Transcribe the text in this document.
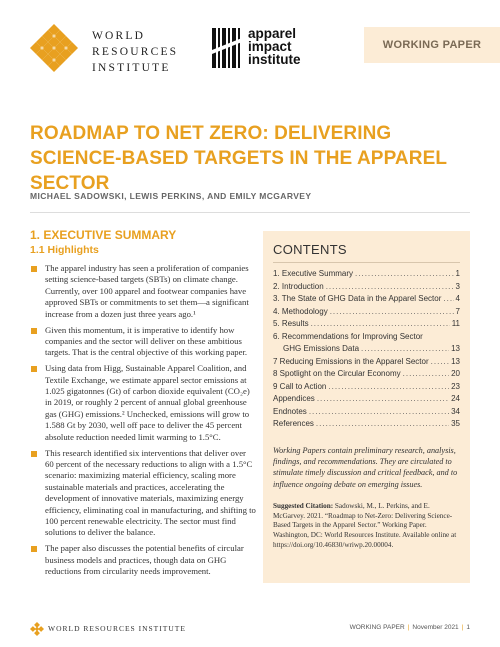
WORLD
RESOURCES
INSTITUTE
apparel
impact
institute
WORKING PAPER
ROADMAP TO NET ZERO: DELIVERING SCIENCE-BASED TARGETS IN THE APPAREL SECTOR
MICHAEL SADOWSKI, LEWIS PERKINS, AND EMILY MCGARVEY
1. EXECUTIVE SUMMARY
1.1 Highlights
The apparel industry has seen a proliferation of companies setting science-based targets (SBTs) on climate change. Currently, over 100 apparel and footwear companies have approved SBTs or commitments to set them—a significant increase from a dozen just three years ago.¹
Given this momentum, it is imperative to identify how companies and the sector will deliver on these ambitious targets. That is the central objective of this working paper.
Using data from Higg, Sustainable Apparel Coalition, and Textile Exchange, we estimate apparel sector emissions at 1.025 gigatonnes (Gt) of carbon dioxide equivalent (CO₂e) in 2019, or roughly 2 percent of annual global greenhouse gas (GHG) emissions.² Unchecked, emissions will grow to 1.588 Gt by 2030, well off pace to deliver the 45 percent absolute reduction needed limit warming to 1.5°C.
This research identified six interventions that deliver over 60 percent of the necessary reductions to align with a 1.5°C scenario: maximizing material efficiency, scaling more sustainable materials and practices, accelerating the development of innovative materials, maximizing energy efficiency, eliminating coal in manufacturing, and shifting to 100 percent renewable electricity. The sector must find solutions to deliver the balance.
The paper also discusses the potential benefits of circular business models and practices, though data on GHG reductions from circularity needs improvement.
CONTENTS
1. Executive Summary .....	1
2. Introduction .....	3
3. The State of GHG Data in the Apparel Sector ..... 4
4. Methodology .....	7
5. Results .....	11
6. Recommendations for Improving Sector
GHG Emissions Data .....	13
7 Reducing Emissions in the Apparel Sector .....	13
8 Spotlight on the Circular Economy .....	20
9 Call to Action .....	23
Appendices .....	24
Endnotes .....	34
References .....	35

Working Papers contain preliminary research, analysis, findings, and recommendations. They are circulated to stimulate timely discussion and critical feedback, and to influence ongoing debate on emerging issues.

Suggested Citation: Sadowski, M., L. Perkins, and E. McGarvey. 2021. “Roadmap to Net-Zero: Delivering Science-Based Targets in the Apparel Sector.” Working Paper. Washington, DC: World Resources Institute. Available online at https://doi.org/10.46830/wriwp.20.00004.

WORLD RESOURCES INSTITUTE	WORKING PAPER | November 2021 | 1
